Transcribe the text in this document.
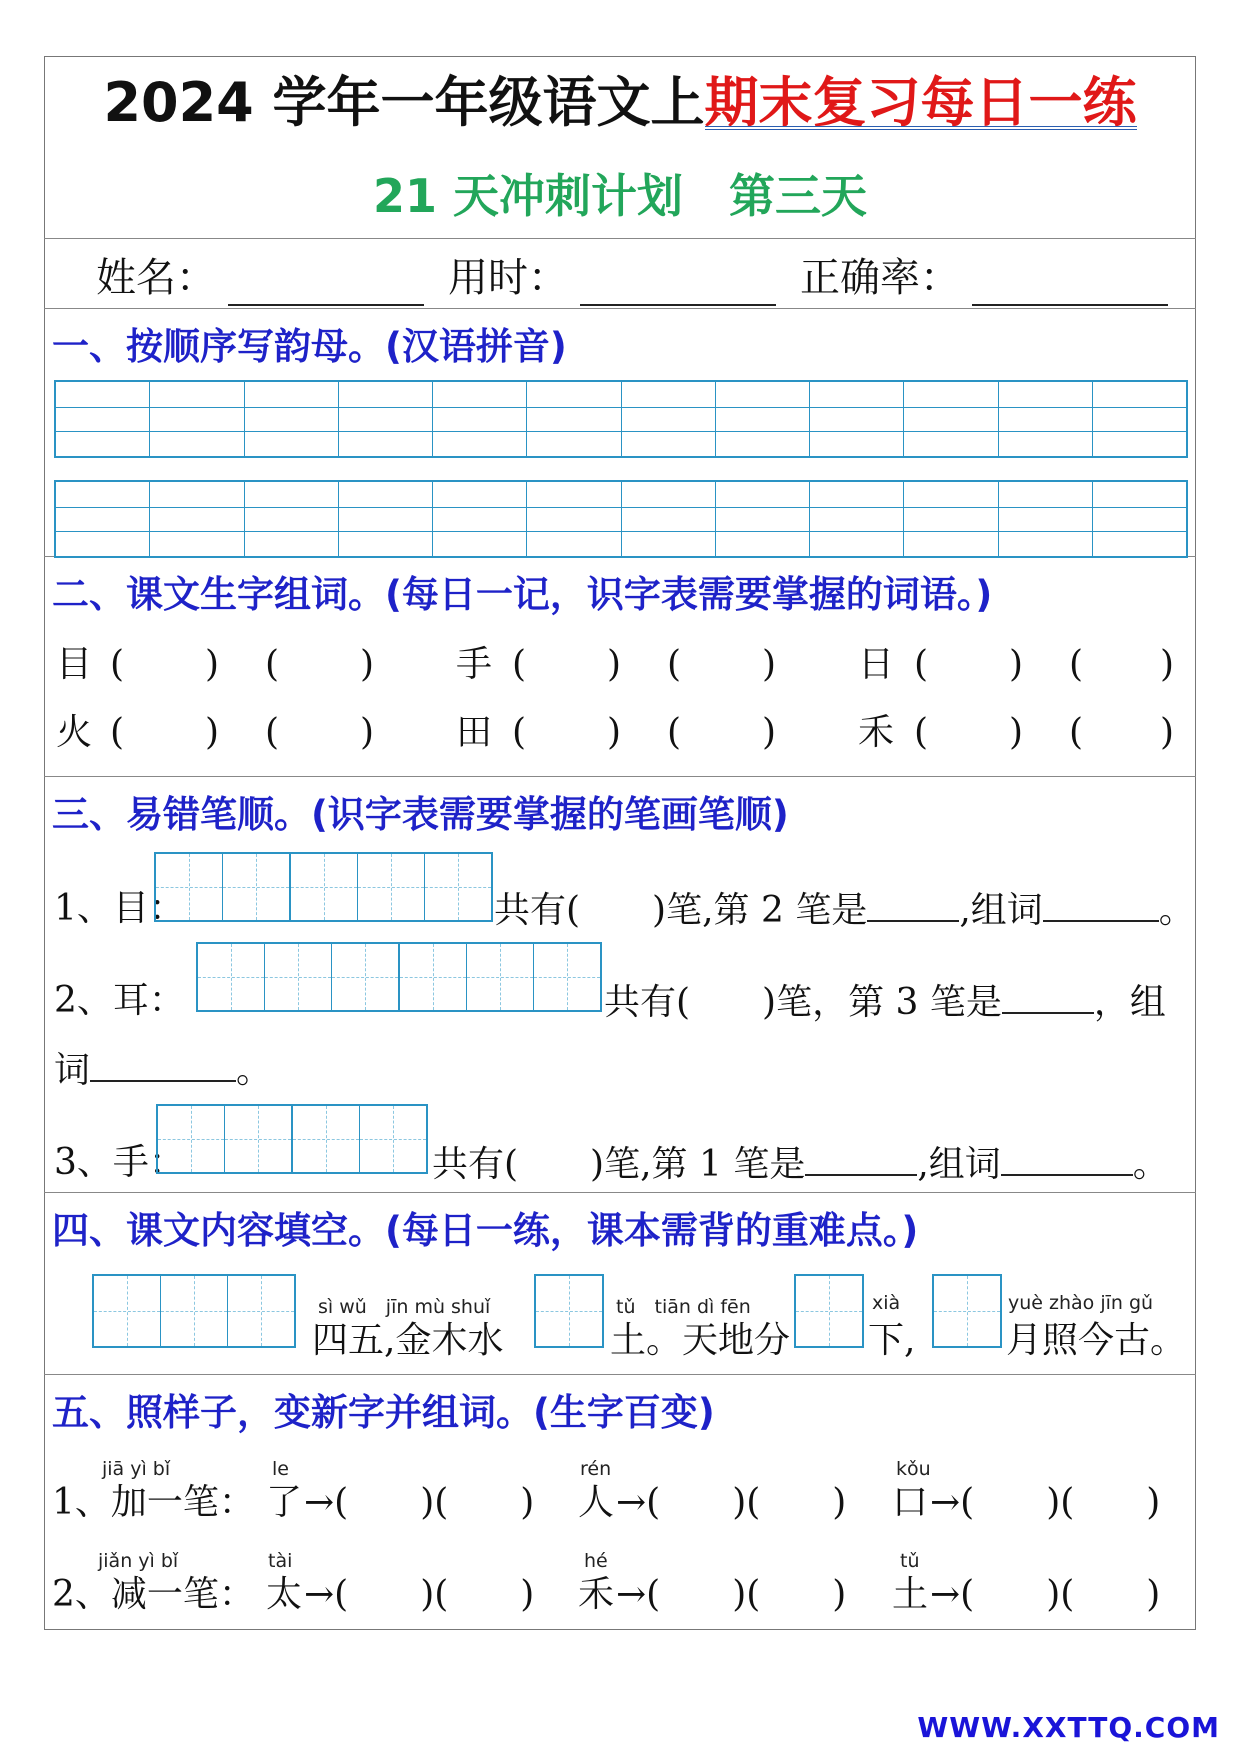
2024 学年一年级语文上期末复习每日一练
21 天冲刺计划　第三天
姓名：	用时：	正确率：
一、按顺序写韵母。(汉语拼音)
二、课文生字组词。(每日一记，识字表需要掌握的词语。)
目 ( ) ( ) 手 ( ) ( ) 日 ( ) ( )
火 ( ) ( ) 田 ( ) ( ) 禾 ( ) ( )
三、易错笔顺。(识字表需要掌握的笔画笔顺)
1、目：	共有(　　)笔,第 2 笔是	,组词	。
2、耳：	共有(　　)笔，第 3 笔是	，组
词	。
3、手：	共有(　　)笔,第 1 笔是	,组词	。
四、课文内容填空。(每日一练，课本需背的重难点。)
sì wǔ　jīn mù shuǐ
四五,金木水
tǔ　tiān dì fēn
土。天地分
xià
下,
yuè zhào jīn gǔ
月照今古。
五、照样子，变新字并组词。(生字百变)
jiā yì bǐ
1、加一笔：
le
了 →(　　)(　　)
rén
人 →(　　)(　　)
kǒu
口 →(　　)(　　)
jiǎn yì bǐ
2、减一笔：
tài
太 →(　　)(　　)
hé
禾 →(　　)(　　)
tǔ
土 →(　　)(　　)
WWW.XXTTQ.COM
